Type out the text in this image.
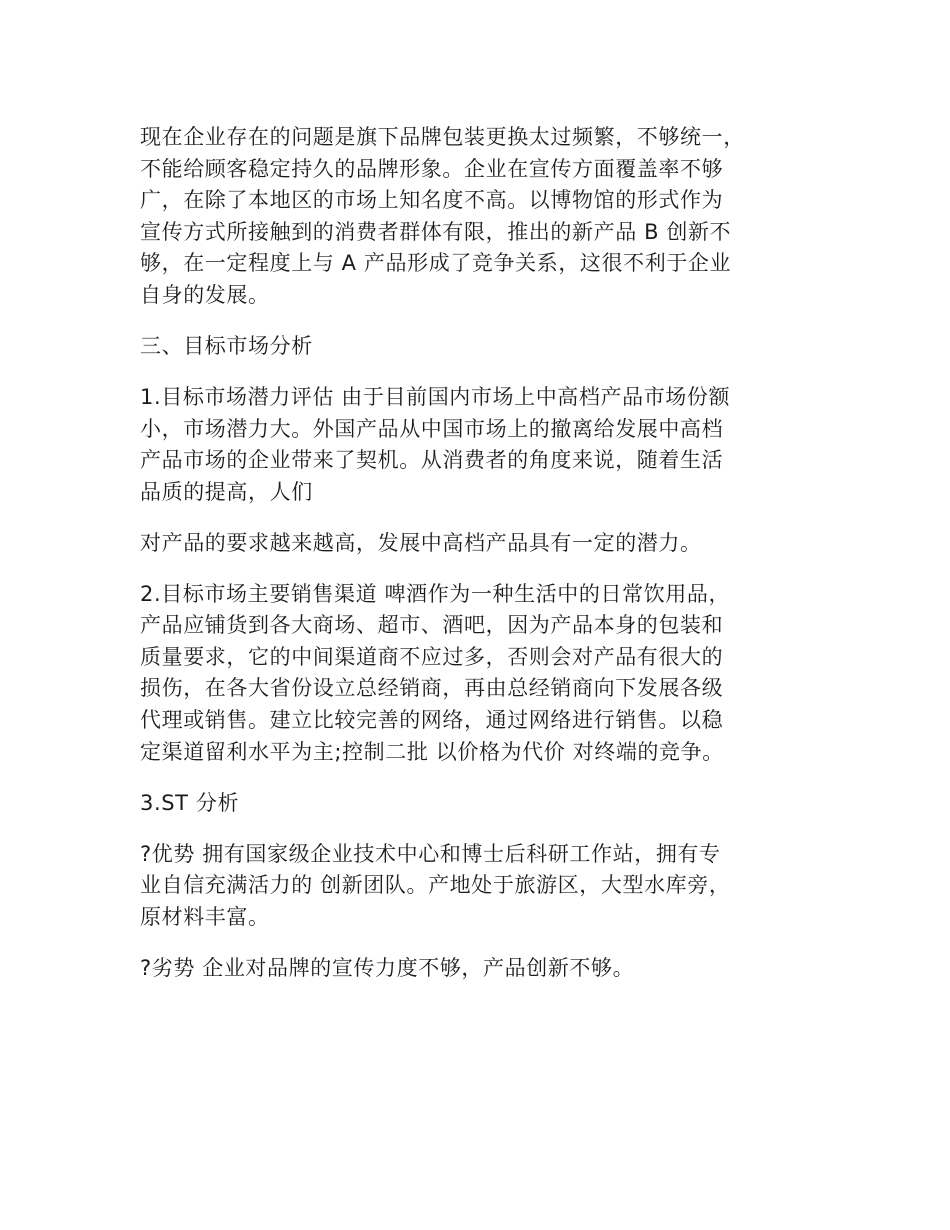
现在企业存在的问题是旗下品牌包装更换太过频繁，不够统一，
不能给顾客稳定持久的品牌形象。企业在宣传方面覆盖率不够
广，在除了本地区的市场上知名度不高。以博物馆的形式作为
宣传方式所接触到的消费者群体有限，推出的新产品 B 创新不
够，在一定程度上与 A 产品形成了竞争关系，这很不利于企业
自身的发展。
三、目标市场分析
1.目标市场潜力评估 由于目前国内市场上中高档产品市场份额
小，市场潜力大。外国产品从中国市场上的撤离给发展中高档
产品市场的企业带来了契机。从消费者的角度来说，随着生活
品质的提高，人们
对产品的要求越来越高，发展中高档产品具有一定的潜力。
2.目标市场主要销售渠道 啤酒作为一种生活中的日常饮用品，
产品应铺货到各大商场、超市、酒吧，因为产品本身的包装和
质量要求，它的中间渠道商不应过多，否则会对产品有很大的
损伤，在各大省份设立总经销商，再由总经销商向下发展各级
代理或销售。建立比较完善的网络，通过网络进行销售。以稳
定渠道留利水平为主;控制二批 以价格为代价 对终端的竞争。
3.ST 分析
?优势 拥有国家级企业技术中心和博士后科研工作站，拥有专
业自信充满活力的 创新团队。产地处于旅游区，大型水库旁，
原材料丰富。
?劣势 企业对品牌的宣传力度不够，产品创新不够。
